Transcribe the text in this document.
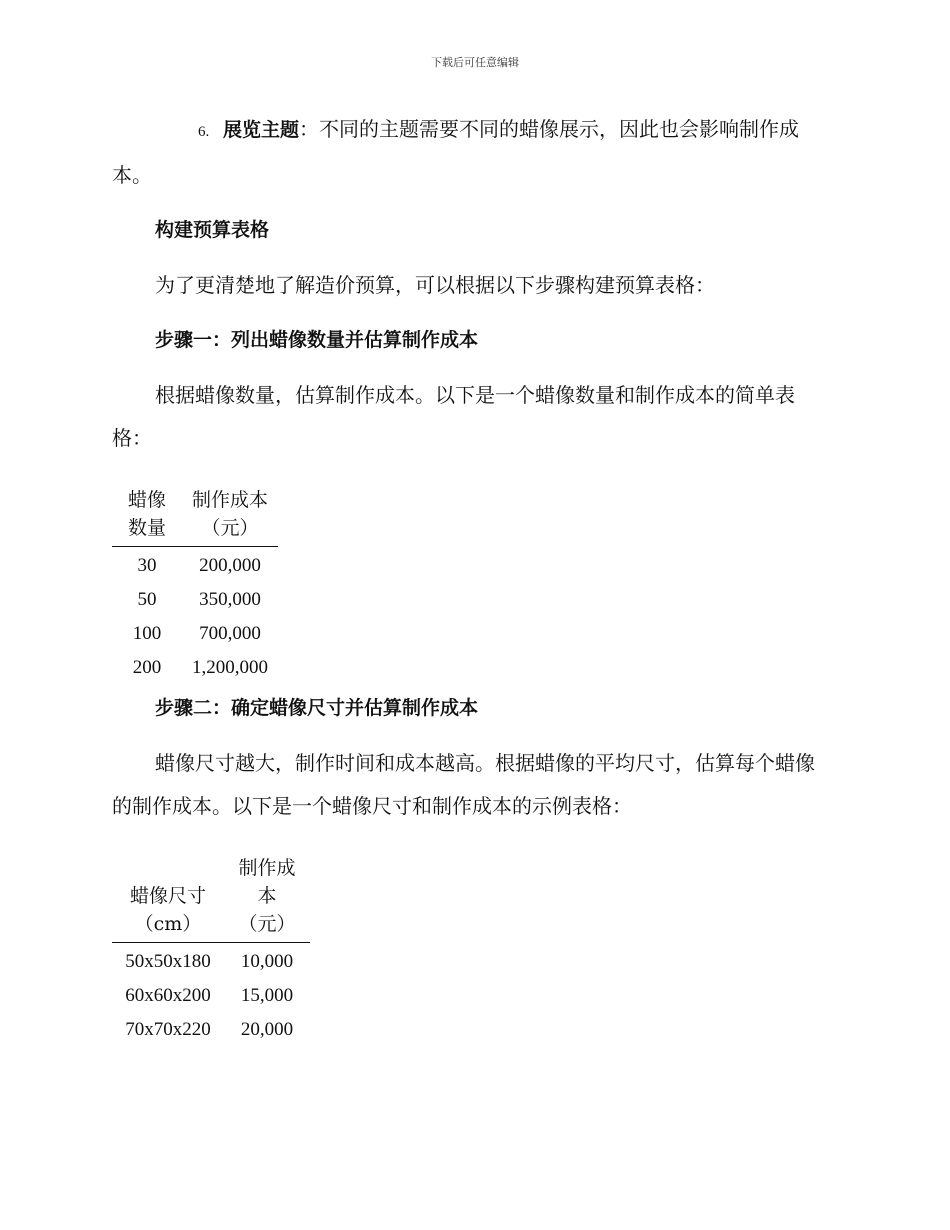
下载后可任意编辑

6. 展览主题：不同的主题需要不同的蜡像展示，因此也会影响制作成本。

构建预算表格

为了更清楚地了解造价预算，可以根据以下步骤构建预算表格：

步骤一：列出蜡像数量并估算制作成本

根据蜡像数量，估算制作成本。以下是一个蜡像数量和制作成本的简单表格：

蜡像数量	制作成本（元）
30	200,000
50	350,000
100	700,000
200	1,200,000

步骤二：确定蜡像尺寸并估算制作成本

蜡像尺寸越大，制作时间和成本越高。根据蜡像的平均尺寸，估算每个蜡像的制作成本。以下是一个蜡像尺寸和制作成本的示例表格：

蜡像尺寸（cm）	制作成本（元）
50x50x180	10,000
60x60x200	15,000
70x70x220	20,000
